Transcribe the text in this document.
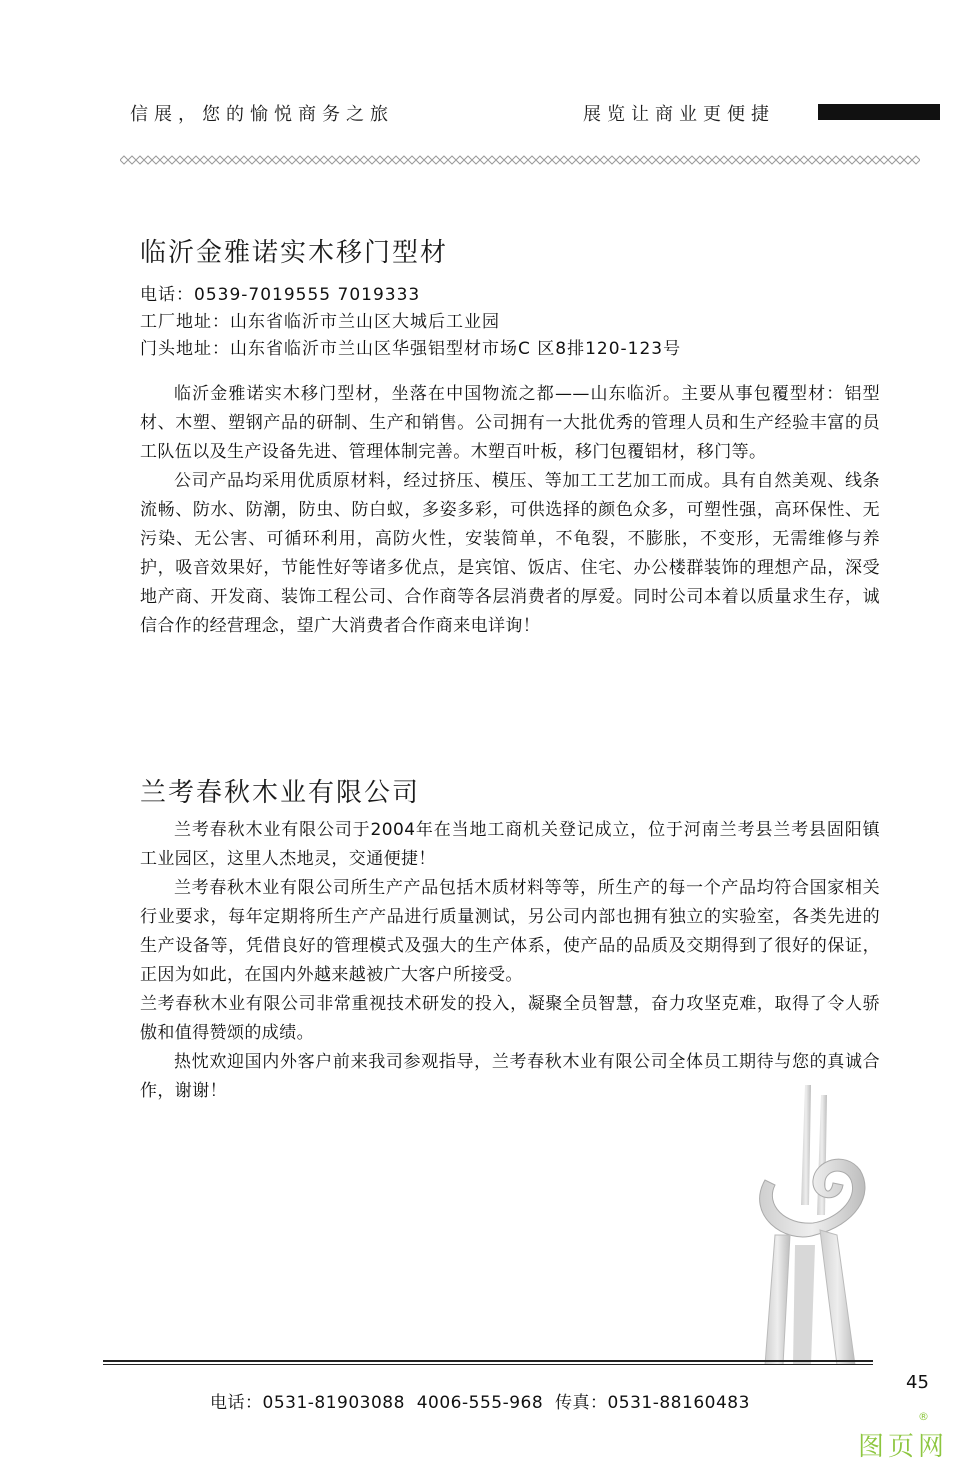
信展，您的愉悦商务之旅	展览让商业更便捷
临沂金雅诺实木移门型材
电话：0539-7019555 7019333
工厂地址：山东省临沂市兰山区大城后工业园
门头地址：山东省临沂市兰山区华强铝型材市场C 区8排120-123号

临沂金雅诺实木移门型材，坐落在中国物流之都——山东临沂。主要从事包覆型材：铝型材、木塑、塑钢产品的研制、生产和销售。公司拥有一大批优秀的管理人员和生产经验丰富的员工队伍以及生产设备先进、管理体制完善。木塑百叶板，移门包覆铝材，移门等。

公司产品均采用优质原材料，经过挤压、模压、等加工工艺加工而成。具有自然美观、线条流畅、防水、防潮，防虫、防白蚁，多姿多彩，可供选择的颜色众多，可塑性强，高环保性、无污染、无公害、可循环利用，高防火性，安装简单，不龟裂，不膨胀，不变形，无需维修与养护，吸音效果好，节能性好等诸多优点，是宾馆、饭店、住宅、办公楼群装饰的理想产品，深受地产商、开发商、装饰工程公司、合作商等各层消费者的厚爱。同时公司本着以质量求生存，诚信合作的经营理念，望广大消费者合作商来电详询！

兰考春秋木业有限公司

兰考春秋木业有限公司于2004年在当地工商机关登记成立，位于河南兰考县兰考县固阳镇工业园区，这里人杰地灵，交通便捷！

兰考春秋木业有限公司所生产产品包括木质材料等等，所生产的每一个产品均符合国家相关行业要求，每年定期将所生产产品进行质量测试，另公司内部也拥有独立的实验室，各类先进的生产设备等，凭借良好的管理模式及强大的生产体系，使产品的品质及交期得到了很好的保证，正因为如此，在国内外越来越被广大客户所接受。

兰考春秋木业有限公司非常重视技术研发的投入，凝聚全员智慧，奋力攻坚克难，取得了令人骄傲和值得赞颂的成绩。

热忱欢迎国内外客户前来我司参观指导，兰考春秋木业有限公司全体员工期待与您的真诚合作，谢谢！

45
电话：0531-81903088  4006-555-968  传真：0531-88160483
图页网
®
